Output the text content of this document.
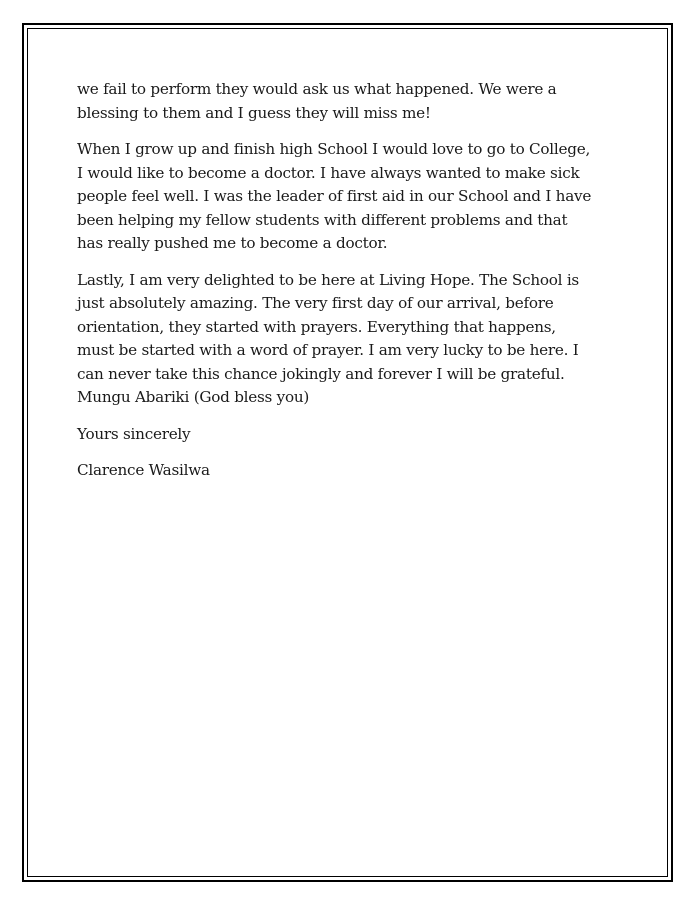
we fail to perform they would ask us what happened. We were a
blessing to them and I guess they will miss me!

When I grow up and finish high School I would love to go to College,
I would like to become a doctor. I have always wanted to make sick
people feel well. I was the leader of first aid in our School and I have
been helping my fellow students with different problems and that
has really pushed me to become a doctor.

Lastly, I am very delighted to be here at Living Hope. The School is
just absolutely amazing. The very first day of our arrival, before
orientation, they started with prayers. Everything that happens,
must be started with a word of prayer. I am very lucky to be here. I
can never take this chance jokingly and forever I will be grateful.
Mungu Abariki (God bless you)

Yours sincerely

Clarence Wasilwa
